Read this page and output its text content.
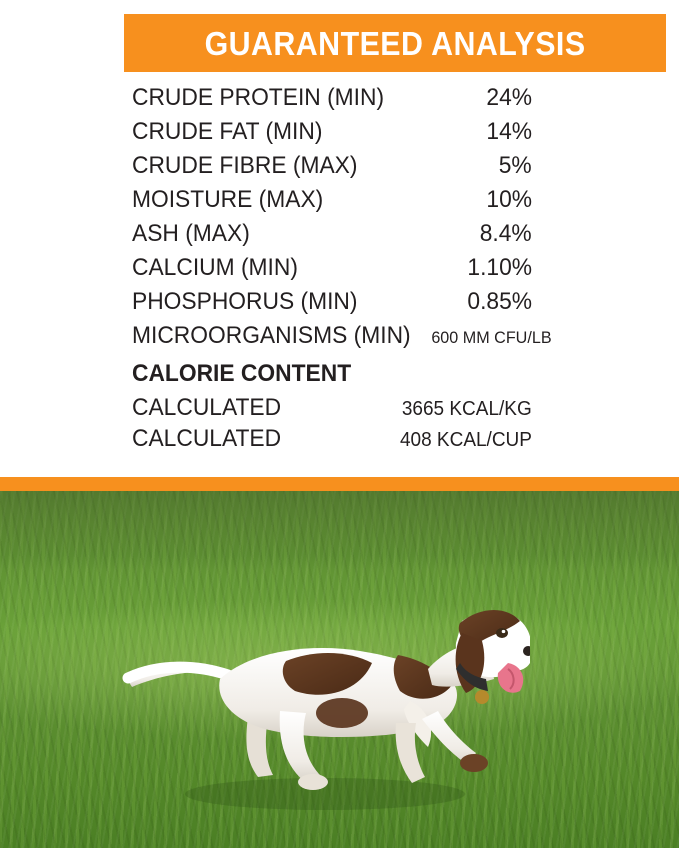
GUARANTEED ANALYSIS
CRUDE PROTEIN (MIN)	24%
CRUDE FAT (MIN)	14%
CRUDE FIBRE (MAX)	5%
MOISTURE (MAX)	10%
ASH (MAX)	8.4%
CALCIUM (MIN)	1.10%
PHOSPHORUS (MIN)	0.85%
MICROORGANISMS (MIN) 600 MM CFU/LB
CALORIE CONTENT
CALCULATED	3665 KCAL/KG
CALCULATED	408 KCAL/CUP
